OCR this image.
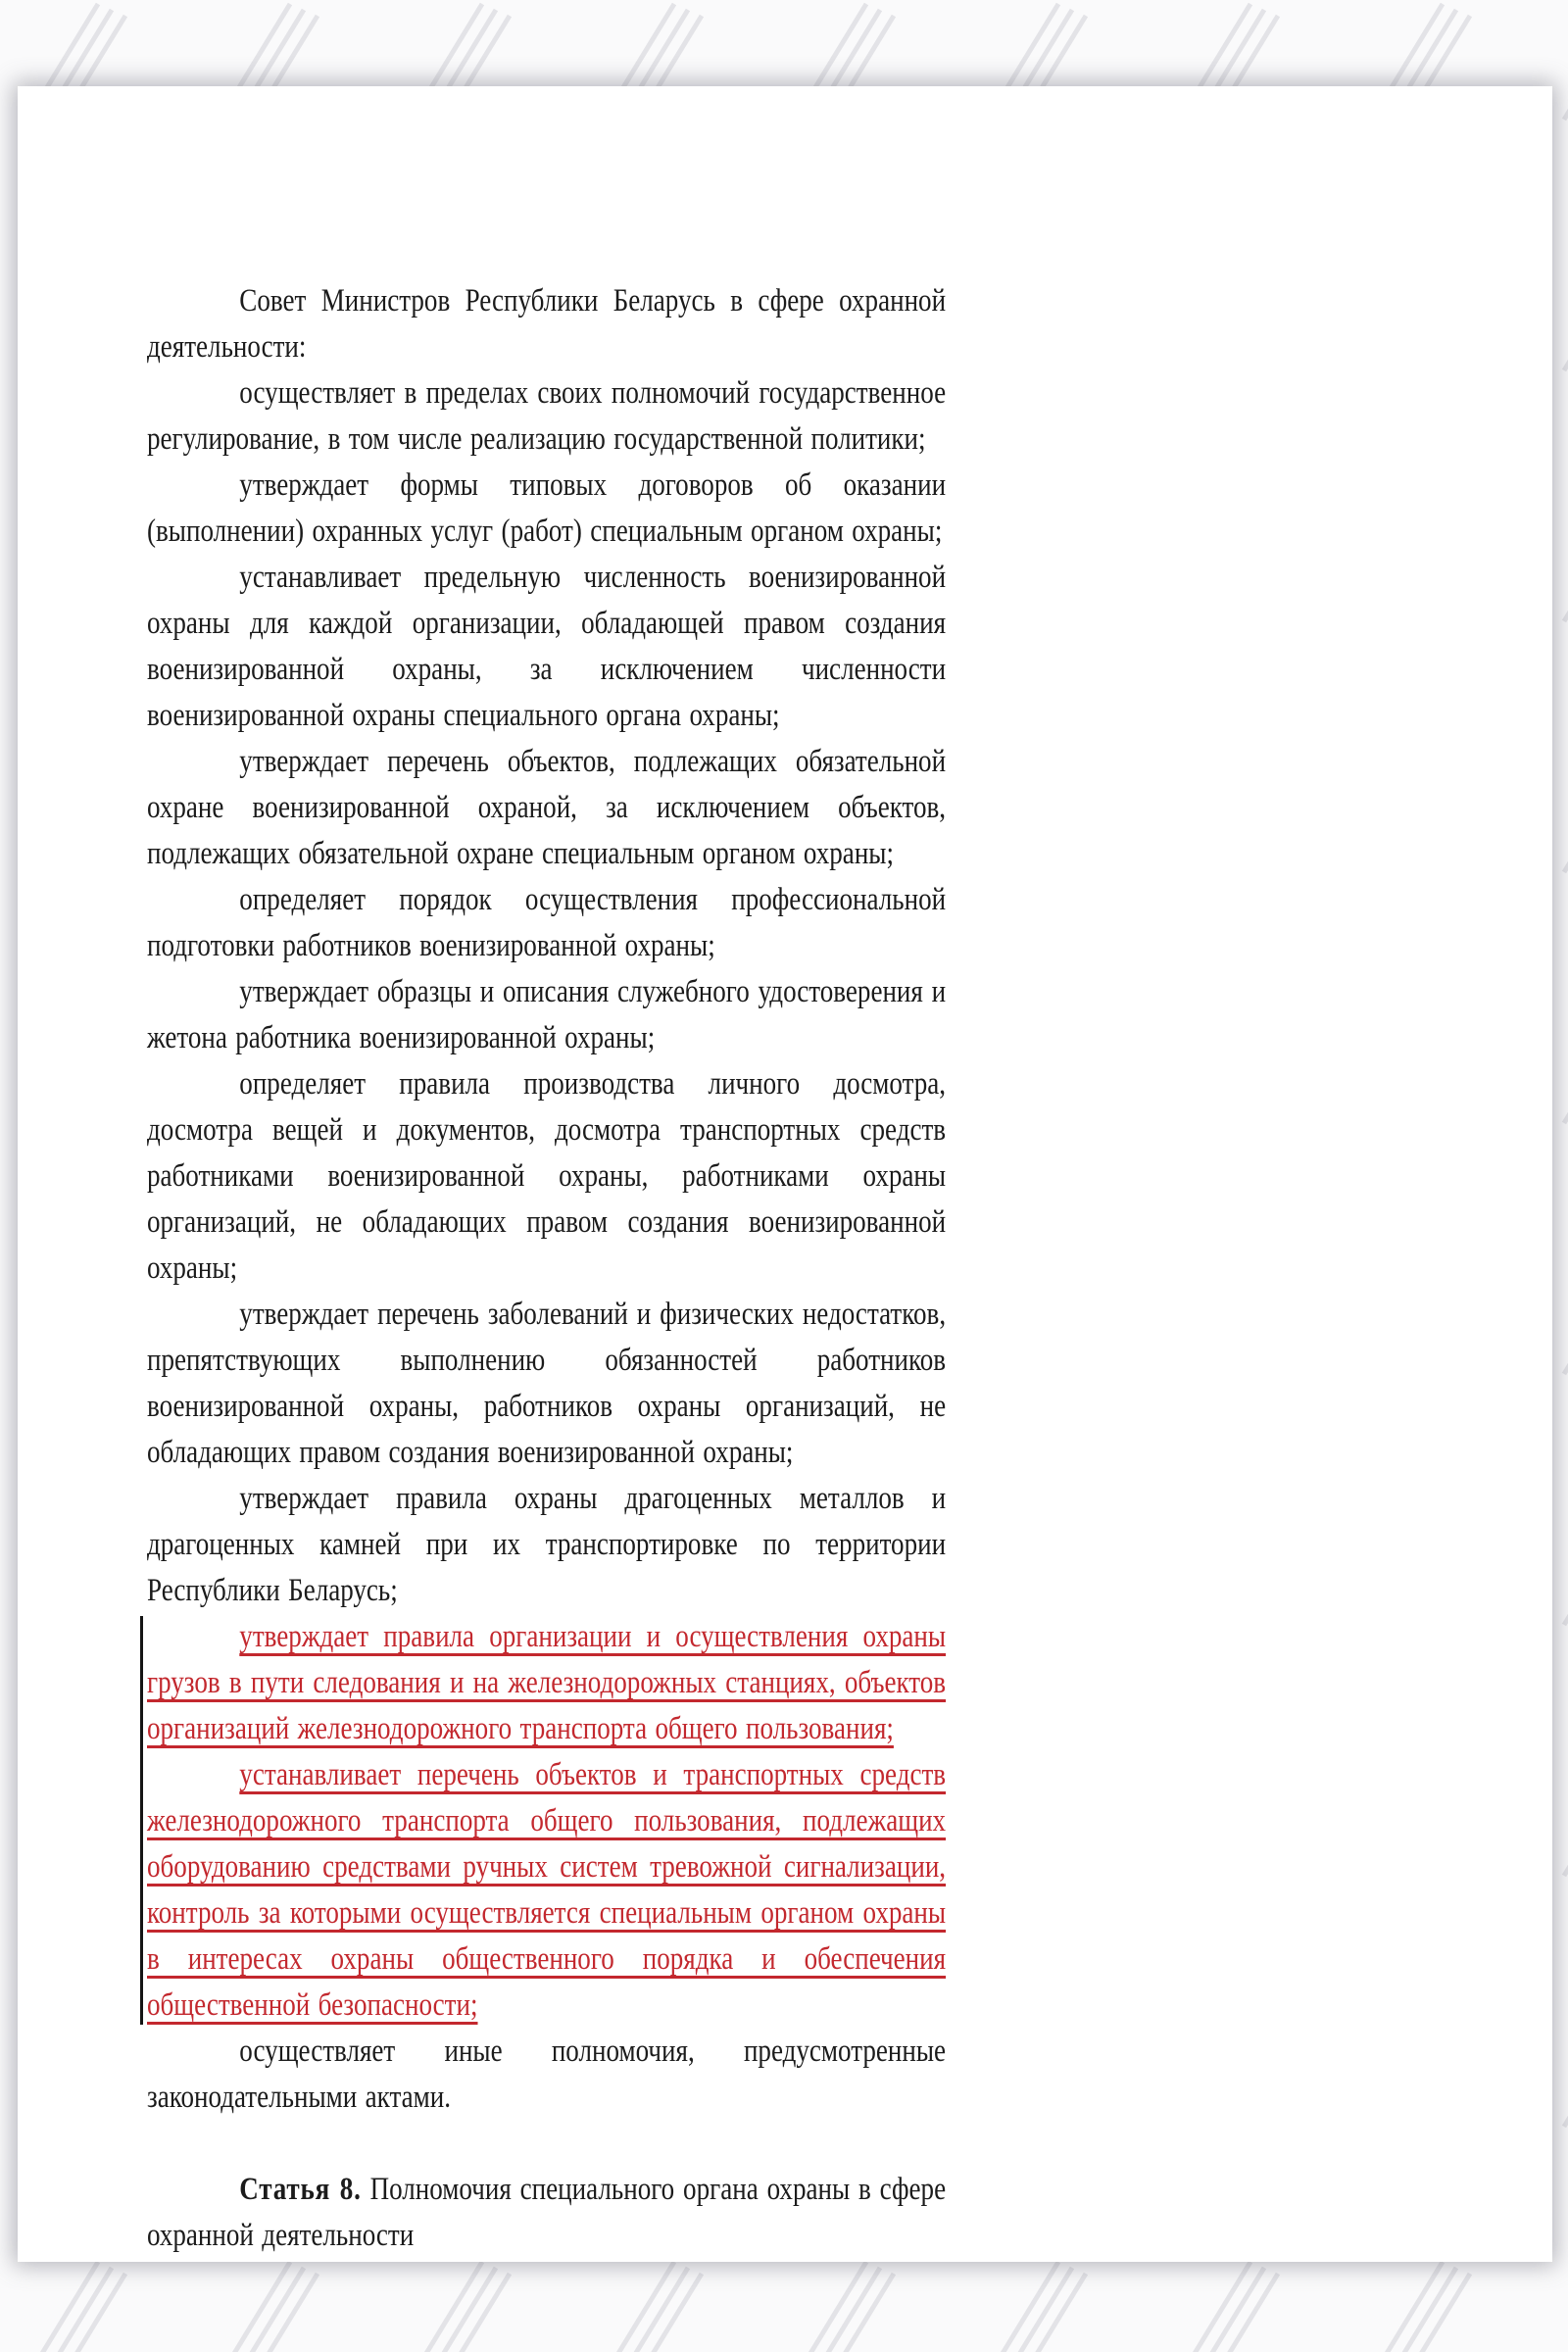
Совет Министров Республики Беларусь в сфере охранной деятельности:

осуществляет в пределах своих полномочий государственное регулирование, в том числе реализацию государственной политики;

утверждает формы типовых договоров об оказании (выполнении) охранных услуг (работ) специальным органом охраны;

устанавливает предельную численность военизированной охраны для каждой организации, обладающей правом создания военизированной охраны, за исключением численности военизированной охраны специального органа охраны;

утверждает перечень объектов, подлежащих обязательной охране военизированной охраной, за исключением объектов, подлежащих обязательной охране специальным органом охраны;

определяет порядок осуществления профессиональной подготовки работников военизированной охраны;

утверждает образцы и описания служебного удостоверения и жетона работника военизированной охраны;

определяет правила производства личного досмотра, досмотра вещей и документов, досмотра транспортных средств работниками военизированной охраны, работниками охраны организаций, не обладающих правом создания военизированной охраны;

утверждает перечень заболеваний и физических недостатков, препятствующих выполнению обязанностей работников военизированной охраны, работников охраны организаций, не обладающих правом создания военизированной охраны;

утверждает правила охраны драгоценных металлов и драгоценных камней при их транспортировке по территории Республики Беларусь;

утверждает правила организации и осуществления охраны грузов в пути следования и на железнодорожных станциях, объектов организаций железнодорожного транспорта общего пользования;

устанавливает перечень объектов и транспортных средств железнодорожного транспорта общего пользования, подлежащих оборудованию средствами ручных систем тревожной сигнализации, контроль за которыми осуществляется специальным органом охраны в интересах охраны общественного порядка и обеспечения общественной безопасности;

осуществляет иные полномочия, предусмотренные законодательными актами.

Статья 8. Полномочия специального органа охраны в сфере охранной деятельности
